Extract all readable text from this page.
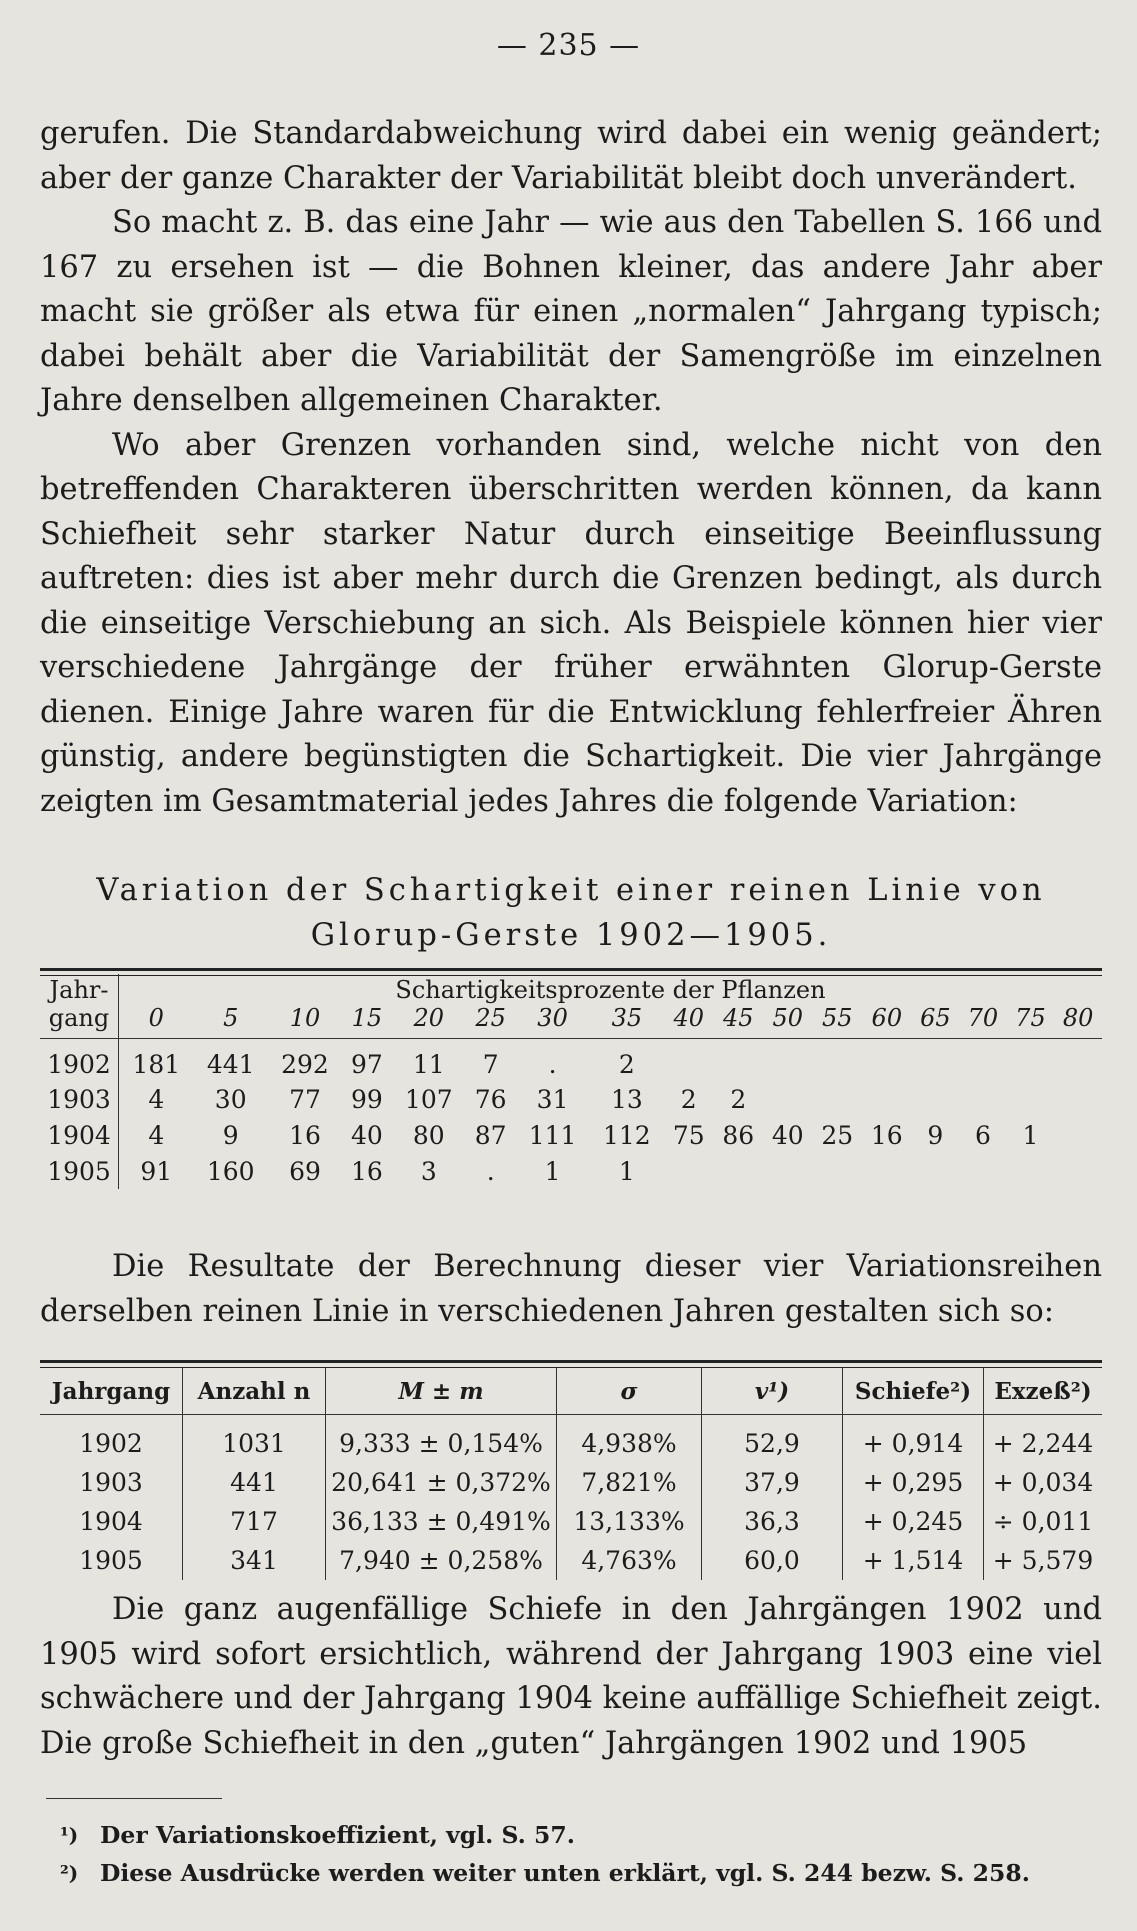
— 235 —

gerufen. Die Standardabweichung wird dabei ein wenig geändert; aber der ganze Charakter der Variabilität bleibt doch unverändert.

So macht z. B. das eine Jahr — wie aus den Tabellen S. 166 und 167 zu ersehen ist — die Bohnen kleiner, das andere Jahr aber macht sie größer als etwa für einen „normalen“ Jahrgang typisch; dabei behält aber die Variabilität der Samengröße im einzelnen Jahre denselben allgemeinen Charakter.

Wo aber Grenzen vorhanden sind, welche nicht von den betreffenden Charakteren überschritten werden können, da kann Schiefheit sehr starker Natur durch einseitige Beeinflussung auftreten: dies ist aber mehr durch die Grenzen bedingt, als durch die einseitige Verschiebung an sich. Als Beispiele können hier vier verschiedene Jahrgänge der früher erwähnten Glorup-Gerste dienen. Einige Jahre waren für die Entwicklung fehlerfreier Ähren günstig, andere begünstigten die Schartigkeit. Die vier Jahrgänge zeigten im Gesamtmaterial jedes Jahres die folgende Variation:

Variation der Schartigkeit einer reinen Linie von
Glorup-Gerste 1902—1905.
Jahr-	Schartigkeitsprozente der Pflanzen																
gang	0	5	10	15	20	25	30	35	40	45	50	55	60	65	70	75	80

1902	181	441	292	97	11	7	.	2									
1903	4	30	77	99	107	76	31	13	2	2							
1904	4	9	16	40	80	87	111	112	75	86	40	25	16	9	6	1	
1905	91	160	69	16	3	.	1	1									

Die Resultate der Berechnung dieser vier Variationsreihen derselben reinen Linie in verschiedenen Jahren gestalten sich so:

Jahrgang	Anzahl n	M ± m	σ	v¹)	Schiefe²)	Exzeß²)
1902	1031	9,333 ± 0,154%	4,938%	52,9	+ 0,914	+ 2,244
1903	441	20,641 ± 0,372%	7,821%	37,9	+ 0,295	+ 0,034
1904	717	36,133 ± 0,491%	13,133%	36,3	+ 0,245	÷ 0,011
1905	341	7,940 ± 0,258%	4,763%	60,0	+ 1,514	+ 5,579

Die ganz augenfällige Schiefe in den Jahrgängen 1902 und 1905 wird sofort ersichtlich, während der Jahrgang 1903 eine viel schwächere und der Jahrgang 1904 keine auffällige Schiefheit zeigt. Die große Schiefheit in den „guten“ Jahrgängen 1902 und 1905

¹) Der Variationskoeffizient, vgl. S. 57.
²) Diese Ausdrücke werden weiter unten erklärt, vgl. S. 244 bezw. S. 258.
